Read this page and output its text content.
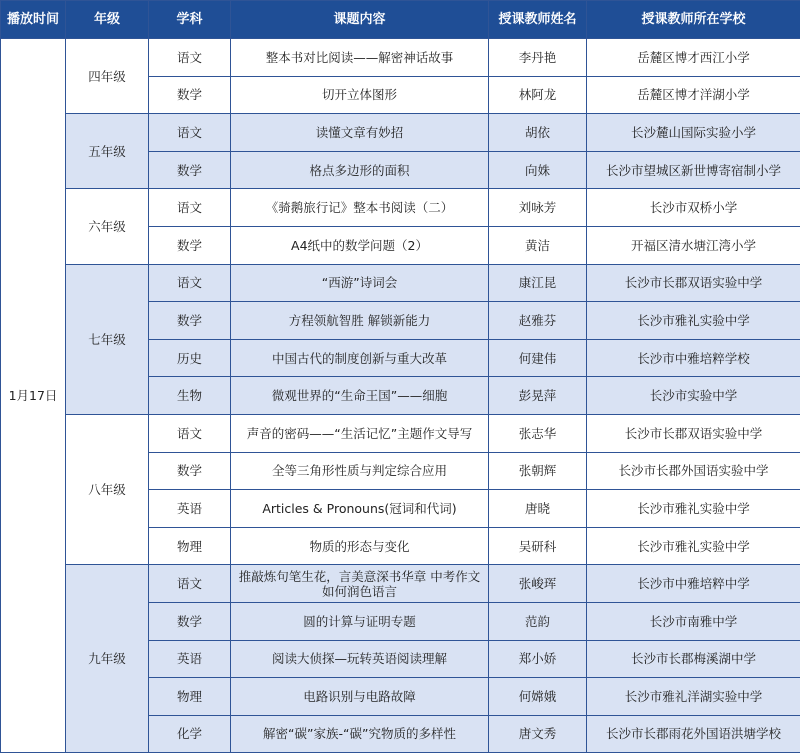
播放时间	年级	学科	课题内容	授课教师姓名	授课教师所在学校
1月17日	四年级	语文	整本书对比阅读——解密神话故事	李丹艳	岳麓区博才西江小学
		数学	切开立体图形	林阿龙	岳麓区博才洋湖小学
	五年级	语文	读懂文章有妙招	胡依	长沙麓山国际实验小学
		数学	格点多边形的面积	向姝	长沙市望城区新世博寄宿制小学
	六年级	语文	《骑鹅旅行记》整本书阅读（二）	刘咏芳	长沙市双桥小学
		数学	A4纸中的数学问题（2）	黄洁	开福区清水塘江湾小学
	七年级	语文	“西游”诗词会	康江昆	长沙市长郡双语实验中学
		数学	方程领航智胜 解锁新能力	赵雅芬	长沙市雅礼实验中学
		历史	中国古代的制度创新与重大改革	何建伟	长沙市中雅培粹学校
		生物	微观世界的“生命王国”——细胞	彭晃萍	长沙市实验中学
	八年级	语文	声音的密码——“生活记忆”主题作文导写	张志华	长沙市长郡双语实验中学
		数学	全等三角形性质与判定综合应用	张朝辉	长沙市长郡外国语实验中学
		英语	Articles & Pronouns(冠词和代词)	唐晓	长沙市雅礼实验中学
		物理	物质的形态与变化	吴研科	长沙市雅礼实验中学
	九年级	语文	推敲炼句笔生花，言美意深书华章 中考作文如何润色语言	张峻珲	长沙市中雅培粹中学
		数学	圆的计算与证明专题	范韵	长沙市南雅中学
		英语	阅读大侦探—玩转英语阅读理解	郑小娇	长沙市长郡梅溪湖中学
		物理	电路识别与电路故障	何嫦娥	长沙市雅礼洋湖实验中学
		化学	解密“碳”家族-“碳”究物质的多样性	唐文秀	长沙市长郡雨花外国语洪塘学校
